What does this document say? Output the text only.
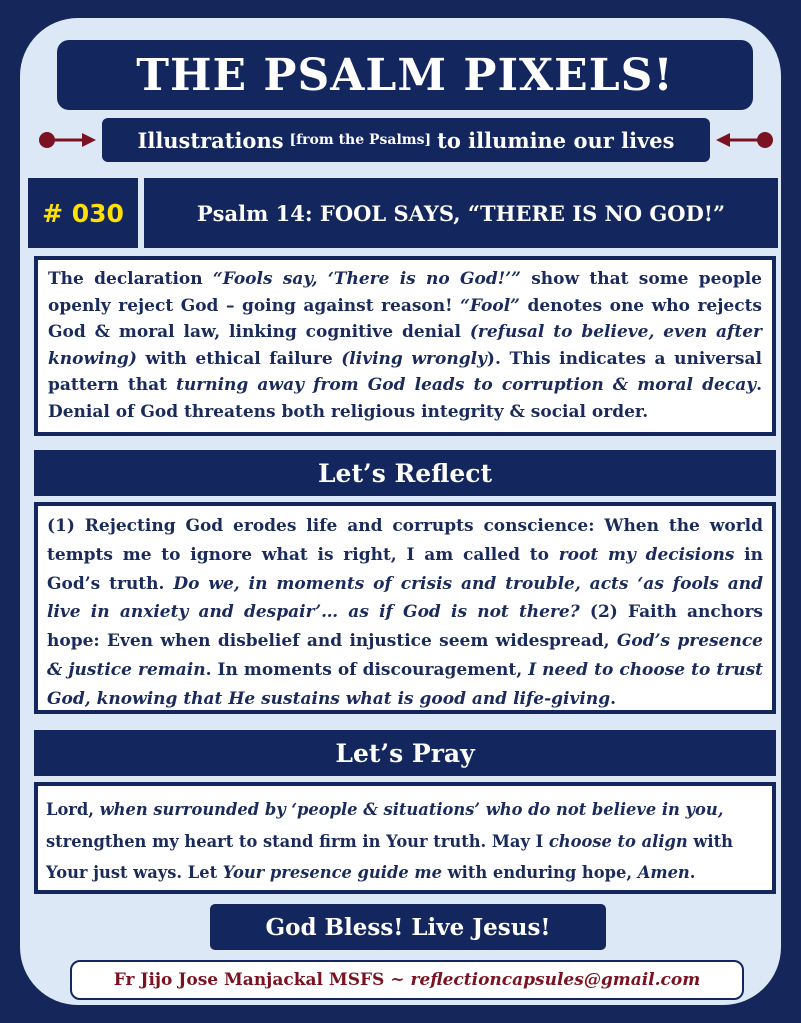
THE PSALM PIXELS!
Illustrations [from the Psalms] to illumine our lives
# 030	Psalm 14: FOOL SAYS, “THERE IS NO GOD!”
The declaration “Fools say, ‘There is no God!’” show that some people openly reject God – going against reason! “Fool” denotes one who rejects God & moral law, linking cognitive denial (refusal to believe, even after knowing) with ethical failure (living wrongly). This indicates a universal pattern that turning away from God leads to corruption & moral decay. Denial of God threatens both religious integrity & social order.
Let’s Reflect
(1) Rejecting God erodes life and corrupts conscience: When the world tempts me to ignore what is right, I am called to root my decisions in God’s truth. Do we, in moments of crisis and trouble, acts ‘as fools and live in anxiety and despair’… as if God is not there? (2) Faith anchors hope: Even when disbelief and injustice seem widespread, God’s presence & justice remain. In moments of discouragement, I need to choose to trust God, knowing that He sustains what is good and life-giving.
Let’s Pray
Lord, when surrounded by ‘people & situations’ who do not believe in you, strengthen my heart to stand firm in Your truth. May I choose to align with Your just ways. Let Your presence guide me with enduring hope, Amen.
God Bless! Live Jesus!
Fr Jijo Jose Manjackal MSFS ~ reflectioncapsules@gmail.com
